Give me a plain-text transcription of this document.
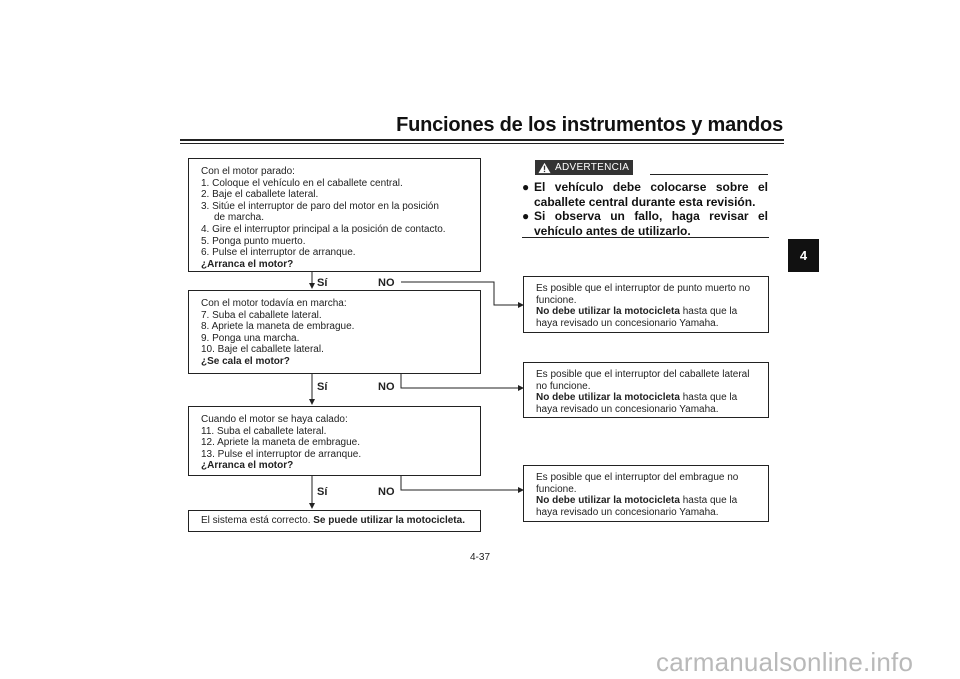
Funciones de los instrumentos y mandos
4
Con el motor parado:
1. Coloque el vehículo en el caballete central.
2. Baje el caballete lateral.
3. Sitúe el interruptor de paro del motor en la posición
de marcha.
4. Gire el interruptor principal a la posición de contacto.
5. Ponga punto muerto.
6. Pulse el interruptor de arranque.
¿Arranca el motor?
Sí	NO
Con el motor todavía en marcha:
7. Suba el caballete lateral.
8. Apriete la maneta de embrague.
9. Ponga una marcha.
10. Baje el caballete lateral.
¿Se cala el motor?
Sí	NO
Cuando el motor se haya calado:
11. Suba el caballete lateral.
12. Apriete la maneta de embrague.
13. Pulse el interruptor de arranque.
¿Arranca el motor?
Sí	NO
El sistema está correcto. Se puede utilizar la motocicleta.
Es posible que el interruptor de punto muerto no
funcione.
No debe utilizar la motocicleta hasta que la
haya revisado un concesionario Yamaha.
Es posible que el interruptor del caballete lateral
no funcione.
No debe utilizar la motocicleta hasta que la
haya revisado un concesionario Yamaha.
Es posible que el interruptor del embrague no
funcione.
No debe utilizar la motocicleta hasta que la
haya revisado un concesionario Yamaha.
ADVERTENCIA
● El vehículo debe colocarse sobre el caballete central durante esta revisión.
● Si observa un fallo, haga revisar el vehículo antes de utilizarlo.
4-37
carmanualsonline.info
